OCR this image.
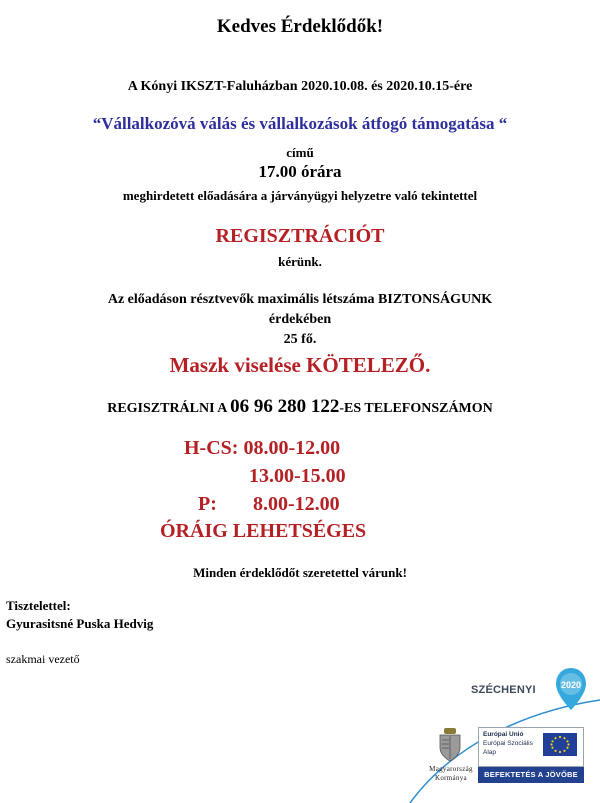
Kedves Érdeklődők!
A Kónyi IKSZT-Faluházban 2020.10.08. és 2020.10.15-ére
“Vállalkozóvá válás és vállalkozások átfogó támogatása “
című
17.00 órára
meghirdetett előadására a járványügyi helyzetre való tekintettel
REGISZTRÁCIÓT
kérünk.
Az előadáson résztvevők maximális létszáma BIZTONSÁGUNK
érdekében
25 fő.
Maszk viselése KÖTELEZŐ.
REGISZTRÁLNI A 06 96 280 122-ES TELEFONSZÁMON
H-CS: 08.00-12.00
13.00-15.00
P: 8.00-12.00
ÓRÁIG LEHETSÉGES
Minden érdeklődőt szeretettel várunk!
Tisztelettel:
Gyurasitsné Puska Hedvig
szakmai vezető
SZÉCHENYI	2020
Magyarország
Kormánya
Európai Unió
Európai Szociális
Alap
BEFEKTETÉS A JÖVŐBE
